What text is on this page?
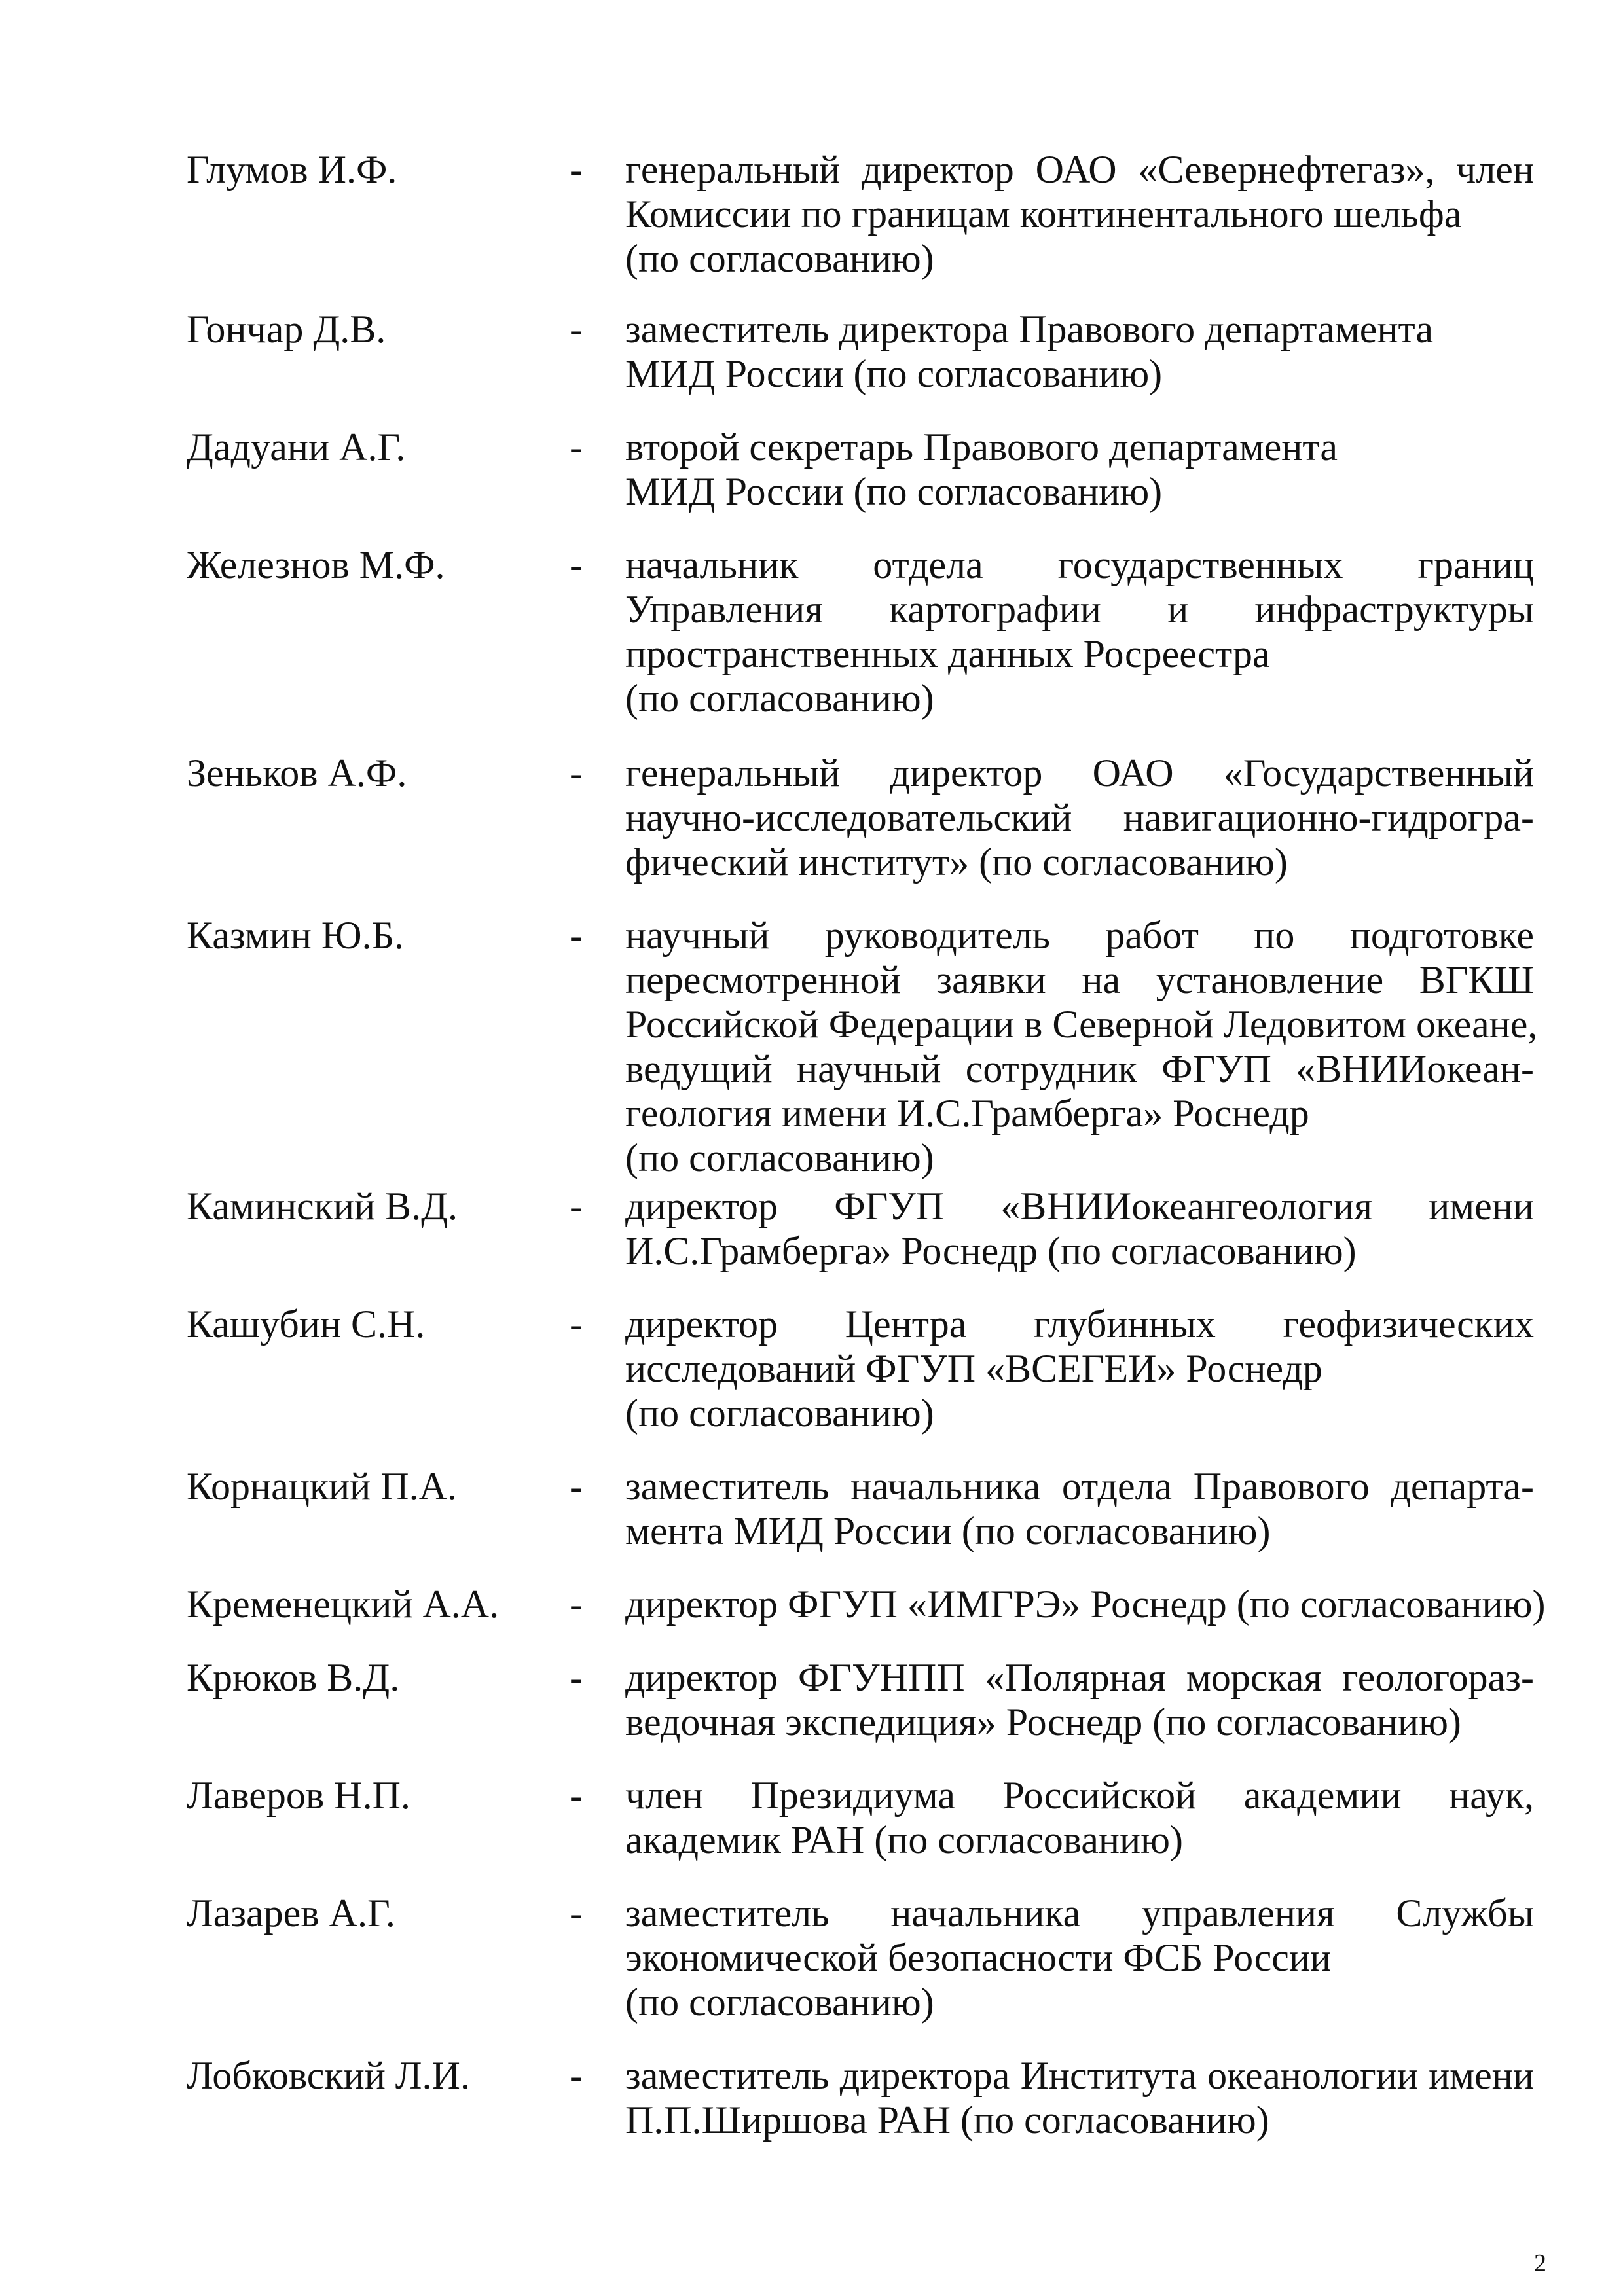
Глумов И.Ф.	-	генеральный директор ОАО «Севернефтегаз», член
Комиссии по границам континентального шельфа
(по согласованию)
Гончар Д.В.	-	заместитель директора Правового департамента
МИД России (по согласованию)
Дадуани А.Г.	-	второй секретарь Правового департамента
МИД России (по согласованию)
Железнов М.Ф.	-	начальник отдела государственных границ
Управления картографии и инфраструктуры
пространственных данных Росреестра
(по согласованию)
Зеньков А.Ф.	-	генеральный директор ОАО «Государственный
научно-исследовательский навигационно-гидрогра-
фический институт» (по согласованию)
Казмин Ю.Б.	-	научный руководитель работ по подготовке
пересмотренной заявки на установление ВГКШ
Российской Федерации в Северной Ледовитом океане,
ведущий научный сотрудник ФГУП «ВНИИокеан-
геология имени И.С.Грамберга» Роснедр
(по согласованию)
Каминский В.Д.	-	директор ФГУП «ВНИИокеангеология имени
И.С.Грамберга» Роснедр (по согласованию)
Кашубин С.Н.	-	директор Центра глубинных геофизических
исследований ФГУП «ВСЕГЕИ» Роснедр
(по согласованию)
Корнацкий П.А.	-	заместитель начальника отдела Правового департа-
мента МИД России (по согласованию)
Кременецкий А.А.	-	директор ФГУП «ИМГРЭ» Роснедр (по согласованию)
Крюков В.Д.	-	директор ФГУНПП «Полярная морская геологораз-
ведочная экспедиция» Роснедр (по согласованию)
Лаверов Н.П.	-	член Президиума Российской академии наук,
академик РАН (по согласованию)
Лазарев А.Г.	-	заместитель начальника управления Службы
экономической безопасности ФСБ России
(по согласованию)
Лобковский Л.И.	-	заместитель директора Института океанологии имени
П.П.Ширшова РАН (по согласованию)
2
